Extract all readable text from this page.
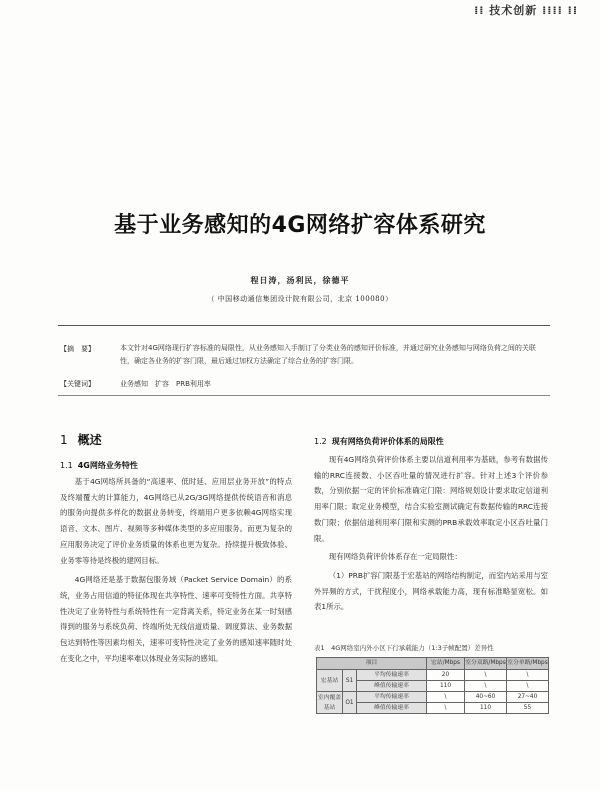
⁞⁞ 技术创新 ⁞⁞⁞⁞ ⁞⁞
基于业务感知的4G网络扩容体系研究
程日涛，汤利民，徐德平
（ 中国移动通信集团设计院有限公司，北京 100080）
【摘　要】	本文针对4G网络现行扩容标准的局限性，从业务感知入手制订了分类业务的感知评价标准，并通过研究业务感知与网络负荷之间的关联性，确定各业务的扩容门限，最后通过加权方法确定了综合业务的扩容门限。
【关键词】	业务感知　扩容　PRB利用率
1 概述
1.1 4G网络业务特性

基于4G网络所具备的“高速率、低时延、应用层业务开放”的特点及终端覆大的计算能力，4G网络已从2G/3G网络提供传统语音和消息的服务向提供多样化的数据业务转变，终端用户更多依赖4G网络实现语音、文本、图片、视频等多种媒体类型的多应用服务。而更为复杂的应用服务决定了评价业务质量的体系也更为复杂。持续提升极致体验、业务零等待是终极的建网目标。

4G网络还是基于数据包服务域（Packet Service Domain）的系统，业务占用信道的特征体现在共享特性、速率可变特性方面。共享特性决定了业务特性与系统特性有一定背离关系，特定业务在某一时刻感得到的服务与系统负荷、终端所处无线信道质量、调度算法、业务数据包达到特性等因素均相关，速率可变特性决定了业务的感知速率随时处在变化之中，平均速率难以体现业务实际的感知。

1.2 现有网络负荷评价体系的局限性

现有4G网络负荷评价体系主要以信道利用率为基础，参考有数据传输的RRC连接数、小区吞吐量的情况进行扩容。针对上述3个评价参数，分别依据一定的评价标准确定门限：网络规划设计要求取定信道利用率门限；取定业务模型，结合实验室测试确定有数据传输的RRC连接数门限；依据信道利用率门限和实测的PRB承载效率取定小区吞吐量门限。

现有网络负荷评价体系存在一定局限性：

（1）PRB扩容门限基于宏基站的网络结构制定，而室内站采用与室外异频的方式，干扰程度小，网络承载能力高，现有标准略显宽松。如表1所示。

表1　4G网络室内外小区下行承载能力（1:3子帧配置）差异性
项目			宏站/Mbps	室分双路/Mbps	室分单路/Mbps
宏基站	S1	平均传输速率	20	\	\
		峰值传输速率	110	\	\
室内覆盖基站	O1	平均传输速率	\	40~60	27~40
		峰值传输速率	\	110	55
